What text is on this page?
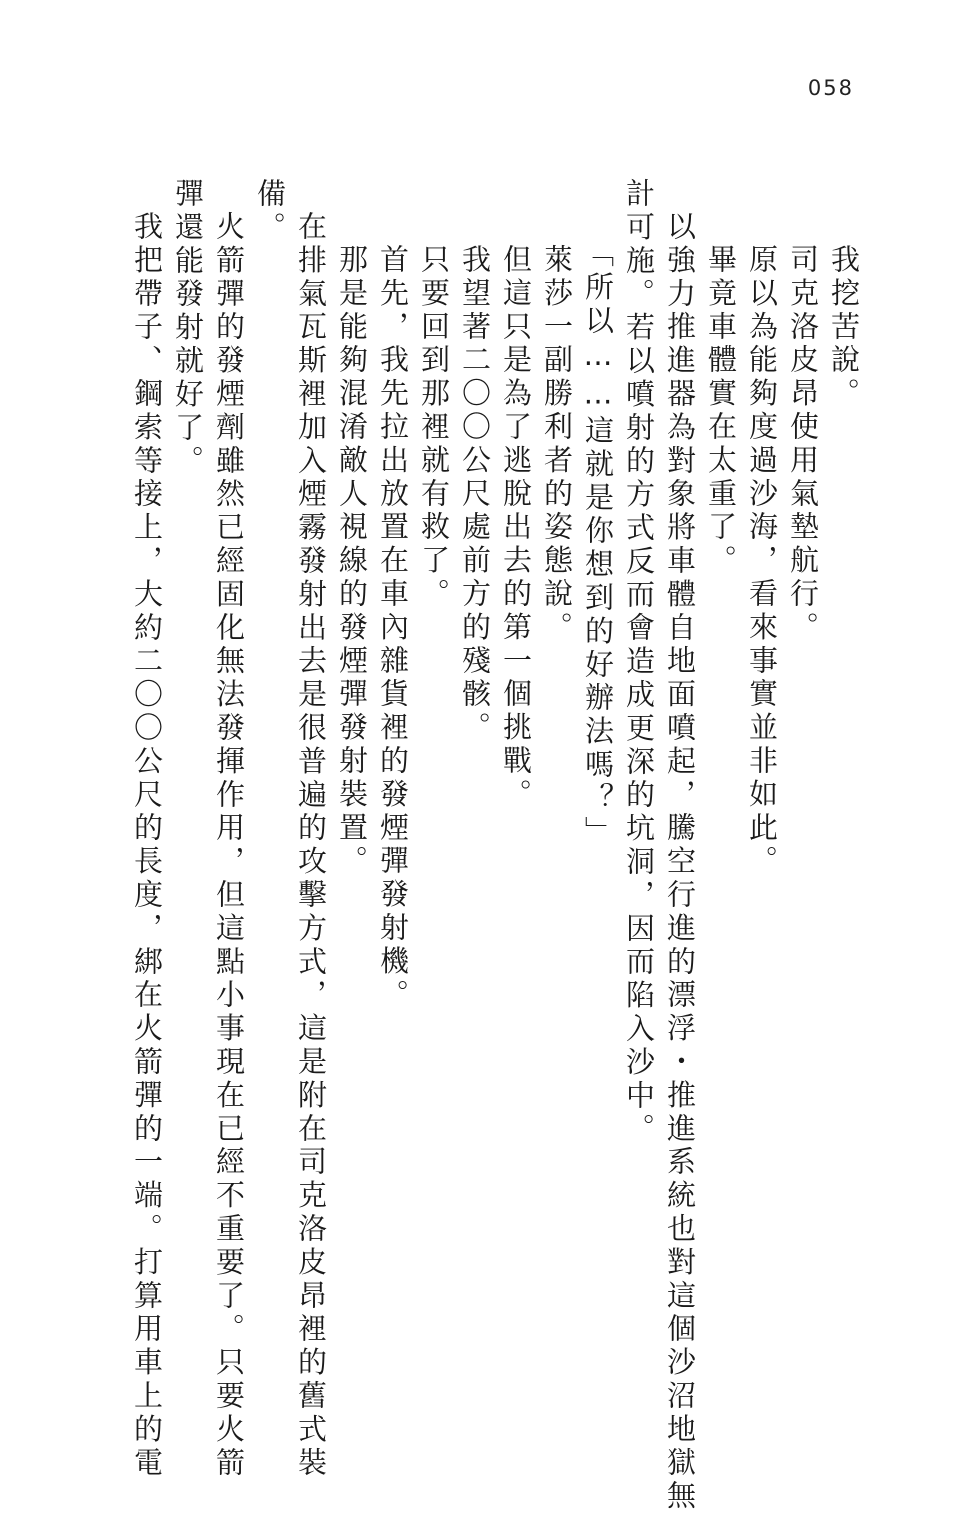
058
我挖苦說。
司克洛皮昂使用氣墊航行。
原以為能夠度過沙海，看來事實並非如此。
畢竟車體實在太重了。
以強力推進器為對象將車體自地面噴起，騰空行進的漂浮・推進系統也對這個沙沼地獄無
計可施。若以噴射的方式反而會造成更深的坑洞，因而陷入沙中。
「所以……這就是你想到的好辦法嗎？」
萊莎一副勝利者的姿態說。
但這只是為了逃脫出去的第一個挑戰。
我望著二〇〇公尺處前方的殘骸。
只要回到那裡就有救了。
首先，我先拉出放置在車內雜貨裡的發煙彈發射機。
那是能夠混淆敵人視線的發煙彈發射裝置。
在排氣瓦斯裡加入煙霧發射出去是很普遍的攻擊方式，這是附在司克洛皮昂裡的舊式裝
備。
火箭彈的發煙劑雖然已經固化無法發揮作用，但這點小事現在已經不重要了。只要火箭
彈還能發射就好了。
我把帶子、鋼索等接上，大約二〇〇公尺的長度，綁在火箭彈的一端。打算用車上的電
